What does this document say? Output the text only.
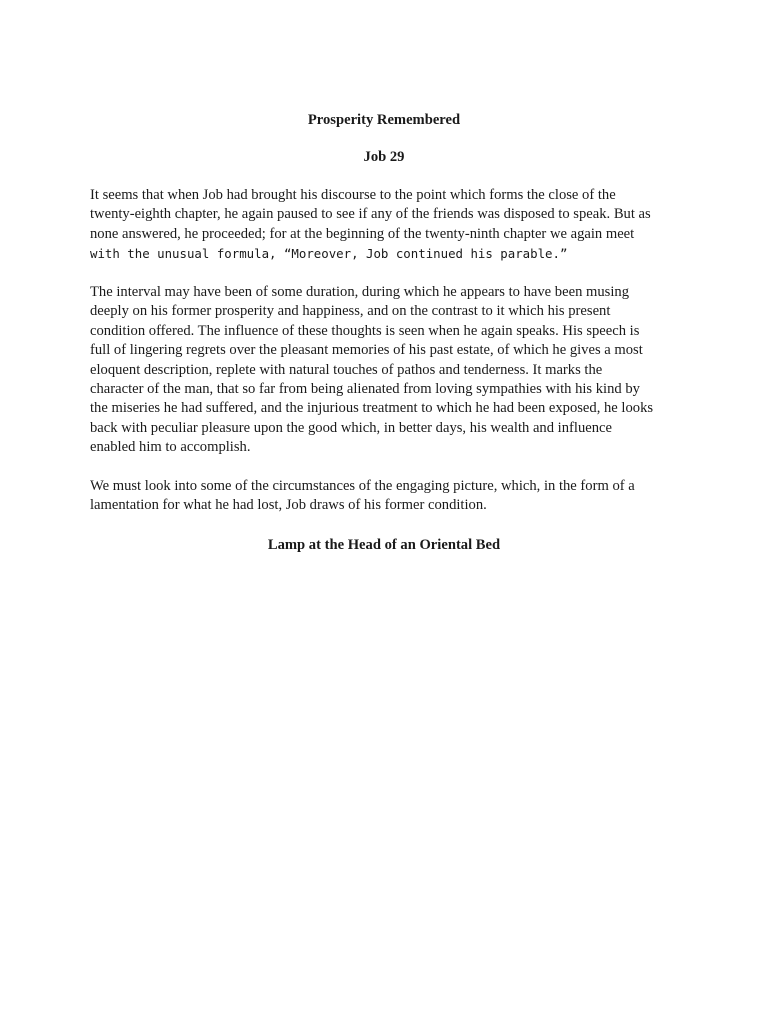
Prosperity Remembered
Job 29

It seems that when Job had brought his discourse to the point which forms the close of the
twenty-eighth chapter, he again paused to see if any of the friends was disposed to speak. But as
none answered, he proceeded; for at the beginning of the twenty-ninth chapter we again meet
with the unusual formula, “Moreover, Job continued his parable.”

The interval may have been of some duration, during which he appears to have been musing
deeply on his former prosperity and happiness, and on the contrast to it which his present
condition offered. The influence of these thoughts is seen when he again speaks. His speech is
full of lingering regrets over the pleasant memories of his past estate, of which he gives a most
eloquent description, replete with natural touches of pathos and tenderness. It marks the
character of the man, that so far from being alienated from loving sympathies with his kind by
the miseries he had suffered, and the injurious treatment to which he had been exposed, he looks
back with peculiar pleasure upon the good which, in better days, his wealth and influence
enabled him to accomplish.

We must look into some of the circumstances of the engaging picture, which, in the form of a
lamentation for what he had lost, Job draws of his former condition.

Lamp at the Head of an Oriental Bed
